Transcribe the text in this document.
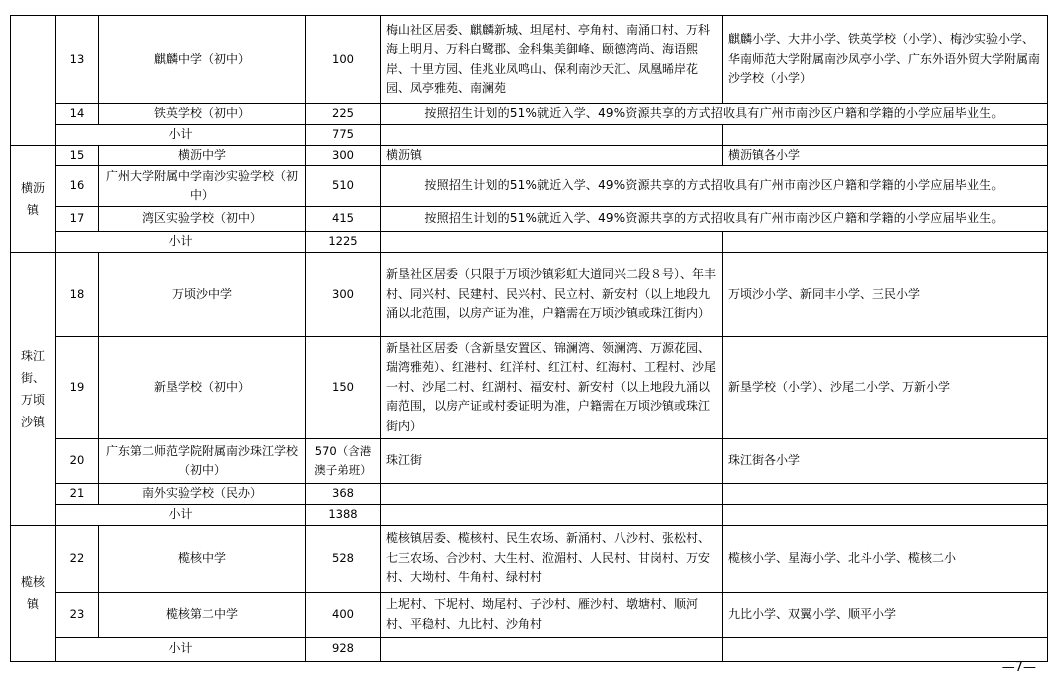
	13	麒麟中学（初中）	100	梅山社区居委、麒麟新城、坦尾村、亭角村、南涌口村、万科海上明月、万科白鹭郡、金科集美御峰、颐德湾尚、海语熙岸、十里方园、佳兆业凤鸣山、保利南沙天汇、凤凰晞岸花园、凤亭雅苑、南澜苑	麒麟小学、大井小学、铁英学校（小学）、梅沙实验小学、华南师范大学附属南沙凤亭小学、广东外语外贸大学附属南沙学校（小学）
	14	铁英学校（初中）	225	按照招生计划的51%就近入学、49%资源共享的方式招收具有广州市南沙区户籍和学籍的小学应届毕业生。	
	小计		775		
横沥镇	15	横沥中学	300	横沥镇	横沥镇各小学
	16	广州大学附属中学南沙实验学校（初中）	510	按照招生计划的51%就近入学、49%资源共享的方式招收具有广州市南沙区户籍和学籍的小学应届毕业生。	
	17	湾区实验学校（初中）	415	按照招生计划的51%就近入学、49%资源共享的方式招收具有广州市南沙区户籍和学籍的小学应届毕业生。	
	小计		1225		
珠江街、万顷沙镇	18	万顷沙中学	300	新垦社区居委（只限于万顷沙镇彩虹大道同兴二段８号）、年丰村、同兴村、民建村、民兴村、民立村、新安村（以上地段九涌以北范围，以房产证为准，户籍需在万顷沙镇或珠江街内）	万顷沙小学、新同丰小学、三民小学
	19	新垦学校（初中）	150	新垦社区居委（含新垦安置区、锦澜湾、领澜湾、万源花园、瑞湾雅苑）、红港村、红洋村、红江村、红海村、工程村、沙尾一村、沙尾二村、红湖村、福安村、新安村（以上地段九涌以南范围，以房产证或村委证明为准，户籍需在万顷沙镇或珠江街内）	新垦学校（小学）、沙尾二小学、万新小学
	20	广东第二师范学院附属南沙珠江学校（初中）	570（含港澳子弟班）	珠江街	珠江街各小学
	21	南外实验学校（民办）	368		
	小计		1388		
榄核镇	22	榄核中学	528	榄核镇居委、榄核村、民生农场、新涌村、八沙村、张松村、七三农场、合沙村、大生村、涖湄村、人民村、甘岗村、万安村、大坳村、牛角村、绿村村	榄核小学、星海小学、北斗小学、榄核二小
	23	榄核第二中学	400	上坭村、下坭村、坳尾村、子沙村、雁沙村、墩塘村、顺河村、平稳村、九比村、沙角村	九比小学、双翼小学、顺平小学
	小计		928		
—7—
